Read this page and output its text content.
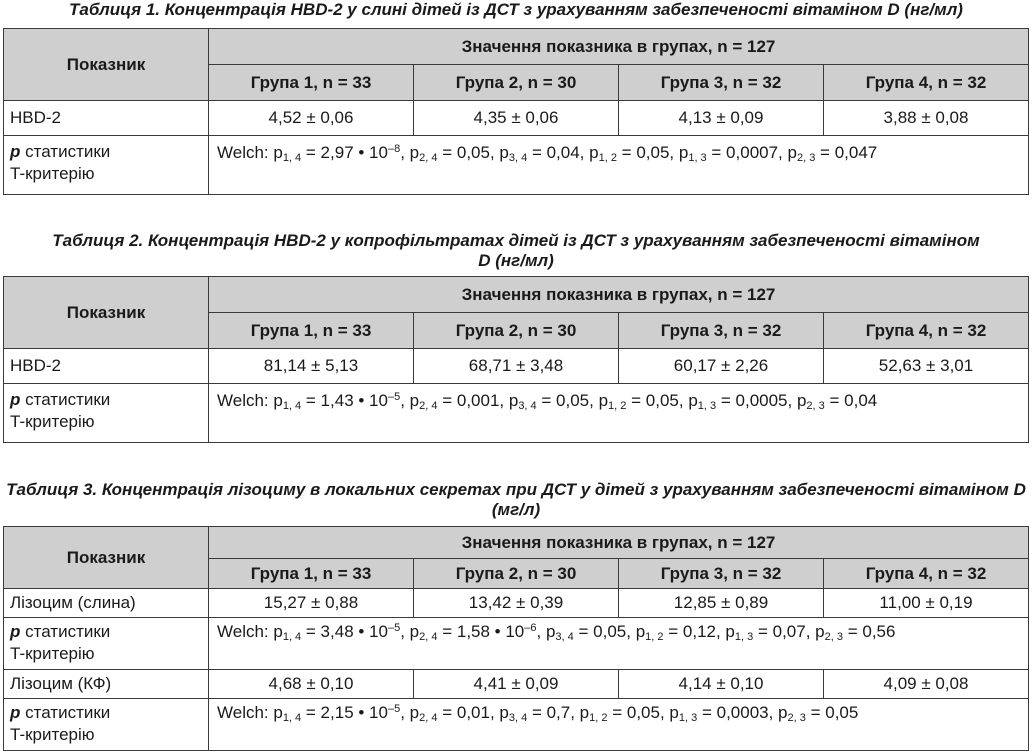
Таблиця 1. Концентрація HBD-2 у слині дітей із ДСТ з урахуванням забезпеченості вітаміном D (нг/мл)
Показник	Значення показника в групах, n = 127			
	Група 1, n = 33	Група 2, n = 30	Група 3, n = 32	Група 4, n = 32
HBD-2	4,52 ± 0,06	4,35 ± 0,06	4,13 ± 0,09	3,88 ± 0,08
p статистики
T-критерію	Welch: $p_{1, 4} = 2,97$ • $10^{-8}$, $p_{2, 4} = 0,05$, $p_{3, 4} = 0,04$, $p_{1, 2} = 0,05$, $p_{1, 3} = 0,0007$, $p_{2, 3} = 0,047$			
Таблиця 2. Концентрація HBD-2 у копрофільтратах дітей із ДСТ з урахуванням забезпеченості вітаміном D (нг/мл)
Показник	Значення показника в групах, n = 127			
	Група 1, n = 33	Група 2, n = 30	Група 3, n = 32	Група 4, n = 32
HBD-2	81,14 ± 5,13	68,71 ± 3,48	60,17 ± 2,26	52,63 ± 3,01
p статистики
T-критерію	Welch: $p_{1, 4} = 1,43$ • $10^{-5}$, $p_{2, 4} = 0,001$, $p_{3, 4} = 0,05$, $p_{1, 2} = 0,05$, $p_{1, 3} = 0,0005$, $p_{2, 3} = 0,04$			
Таблиця 3. Концентрація лізоциму в локальних секретах при ДСТ у дітей з урахуванням забезпеченості вітаміном D (мг/л)
Показник	Значення показника в групах, n = 127			
	Група 1, n = 33	Група 2, n = 30	Група 3, n = 32	Група 4, n = 32
Лізоцим (слина)	15,27 ± 0,88	13,42 ± 0,39	12,85 ± 0,89	11,00 ± 0,19
p статистики
T-критерію	Welch: $p_{1, 4} = 3,48$ • $10^{-5}$, $p_{2, 4} = 1,58$ • $10^{-6}$, $p_{3, 4} = 0,05$, $p_{1, 2} = 0,12$, $p_{1, 3} = 0,07$, $p_{2, 3} = 0,56$			
Лізоцим (КФ)	4,68 ± 0,10	4,41 ± 0,09	4,14 ± 0,10	4,09 ± 0,08
p статистики
T-критерію	Welch: $p_{1, 4} = 2,15$ • $10^{-5}$, $p_{2, 4} = 0,01$, $p_{3, 4} = 0,7$, $p_{1, 2} = 0,05$, $p_{1, 3} = 0,0003$, $p_{2, 3} = 0,05$			
